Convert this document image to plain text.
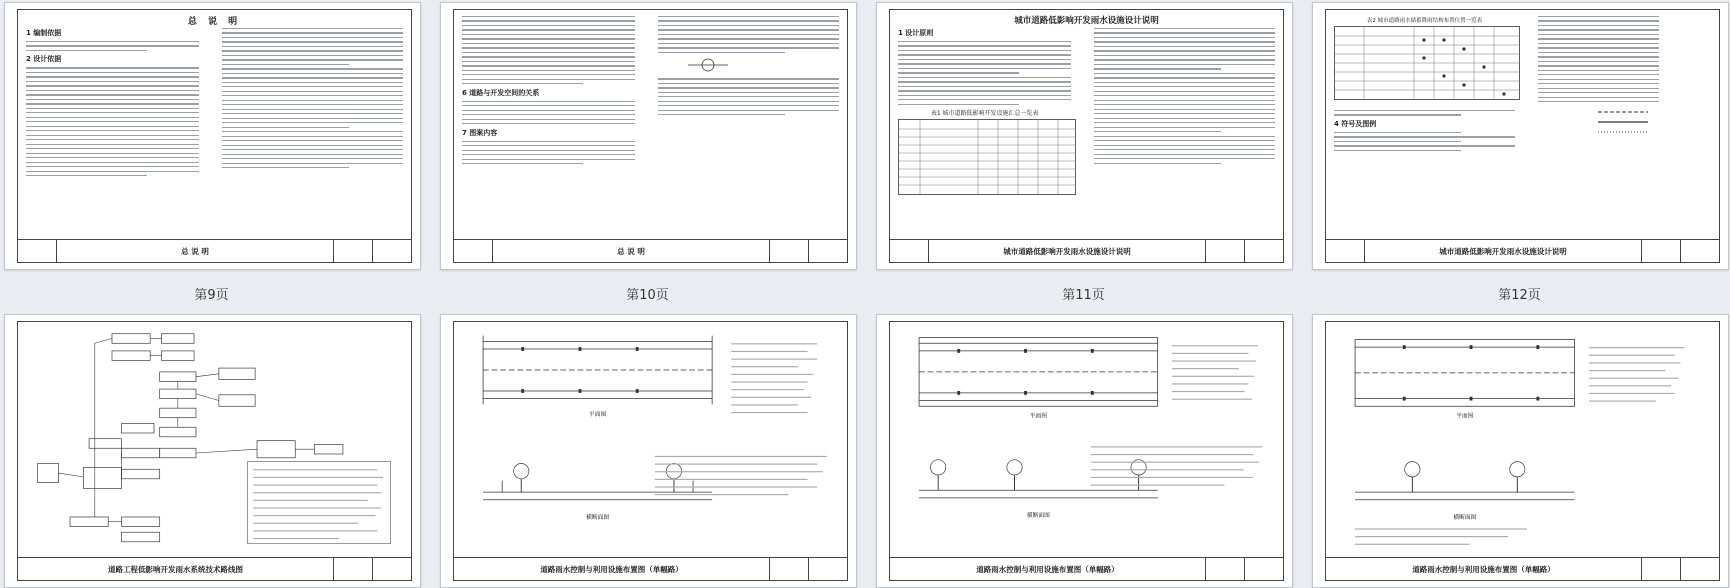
总 说 明
1 编制依据
2 设计依据
总 说 明
6 道路与开发空间的关系
7 图案内容
总 说 明
城市道路低影响开发雨水设施设计说明
1 设计原则
表1 城市道路低影响开发设施汇总一览表
城市道路低影响开发雨水设施设计说明
表2 城市道路雨水储蓄降雨结构布置位置一览表
4 符号及图例
城市道路低影响开发雨水设施设计说明
第9页	第10页	第11页	第12页
道路工程低影响开发雨水系统技术路线图
平面图
横断面图
道路雨水控制与利用设施布置图（单幅路）
平面图
横断面图
道路雨水控制与利用设施布置图（单幅路）
平面图
横断面图
道路雨水控制与利用设施布置图（单幅路）
